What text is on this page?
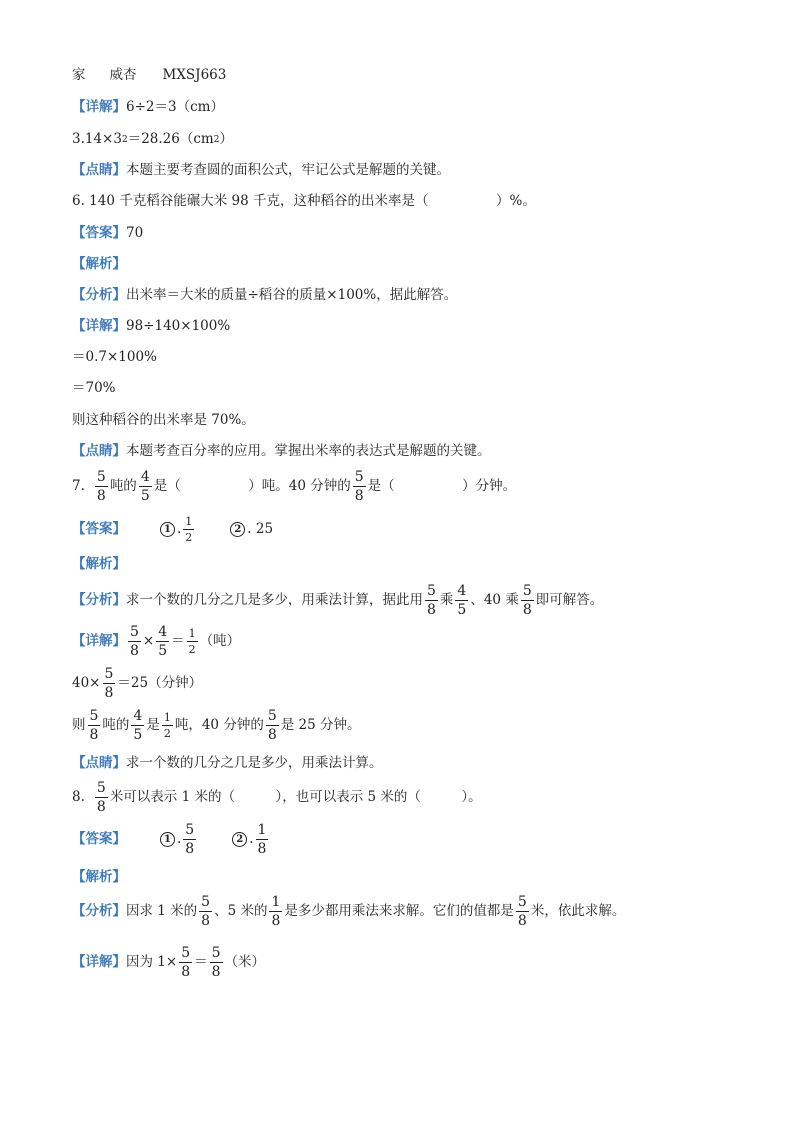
家 威杏 MXSJ663
【详解】 6÷2＝3（cm）
3.14×3 2 ＝28.26（cm 2 ）
【点睛】 本题主要考查圆的面积公式，牢记公式是解题的关键。
6. 140 千克稻谷能碾大米 98 千克，这种稻谷的出米率是（　　　　　）%。
【答案】 70
【解析】
【分析】 出米率＝大米的质量÷稻谷的质量×100%，据此解答。
【详解】 98÷140×100%
＝0.7×100%
＝70%
则这种稻谷的出米率是 70%。
【点睛】 本题考查百分率的应用。掌握出米率的表达式是解题的关键。
7. $\frac{5}{8}$ 吨的 $\frac{4}{5}$ 是（　　　　　）吨。40 分钟的 $\frac{5}{8}$ 是（　　　　　）分钟。
【答案】	1 . $\frac{1}{2}$	2 . 25
【解析】
【分析】 求一个数的几分之几是多少，用乘法计算，据此用 $\frac{5}{8}$ 乘 $\frac{4}{5}$ 、40 乘 $\frac{5}{8}$ 即可解答。
【详解】 $\frac{5}{8} \times \frac{4}{5} = \frac{1}{2}$ （吨）
$40\times \frac{5}{8} =25$（分钟）
则 $\frac{5}{8}$ 吨的 $\frac{4}{5}$ 是 $\frac{1}{2}$ 吨，40 分钟的 $\frac{5}{8}$ 是 25 分钟。
【点睛】 求一个数的几分之几是多少，用乘法计算。
8. $\frac{5}{8}$ 米可以表示 1 米的（　　　），也可以表示 5 米的（　　　）。
【答案】	1 . $\frac{5}{8}$	2 . $\frac{1}{8}$
【解析】
【分析】 因求 1 米的 $\frac{5}{8}$ 、5 米的 $\frac{1}{8}$ 是多少都用乘法来求解。它们的值都是 $\frac{5}{8}$ 米，依此求解。
【详解】 因为 $1\times \frac{5}{8} = \frac{5}{8}$ （米）
